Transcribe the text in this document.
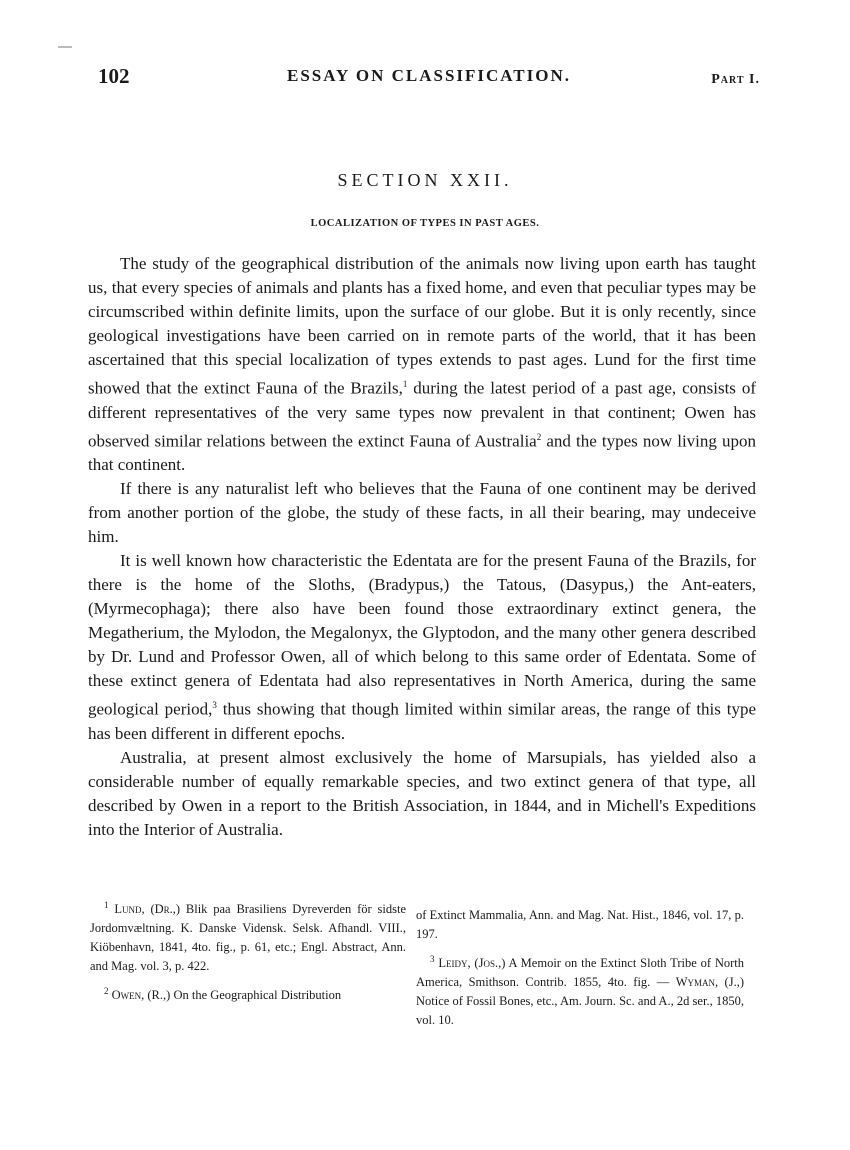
102	ESSAY ON CLASSIFICATION.	Part I.
SECTION XXII.
LOCALIZATION OF TYPES IN PAST AGES.

The study of the geographical distribution of the animals now living upon earth has taught us, that every species of animals and plants has a fixed home, and even that peculiar types may be circumscribed within definite limits, upon the surface of our globe. But it is only recently, since geological investigations have been carried on in remote parts of the world, that it has been ascertained that this special localization of types extends to past ages. Lund for the first time showed that the extinct Fauna of the Brazils,$^1$ during the latest period of a past age, consists of different representatives of the very same types now prevalent in that continent; Owen has observed similar relations between the extinct Fauna of Australia$^2$ and the types now living upon that continent.

If there is any naturalist left who believes that the Fauna of one continent may be derived from another portion of the globe, the study of these facts, in all their bearing, may undeceive him.

It is well known how characteristic the Edentata are for the present Fauna of the Brazils, for there is the home of the Sloths, (Bradypus,) the Tatous, (Dasypus,) the Ant-eaters, (Myrmecophaga); there also have been found those extraordinary extinct genera, the Megatherium, the Mylodon, the Megalonyx, the Glyptodon, and the many other genera described by Dr. Lund and Professor Owen, all of which belong to this same order of Edentata. Some of these extinct genera of Edentata had also representatives in North America, during the same geological period,$^3$ thus showing that though limited within similar areas, the range of this type has been different in different epochs.

Australia, at present almost exclusively the home of Marsupials, has yielded also a considerable number of equally remarkable species, and two extinct genera of that type, all described by Owen in a report to the British Association, in 1844, and in Michell's Expeditions into the Interior of Australia.

$^1$ Lund, (Dr.,) Blik paa Brasiliens Dyreverden för sidste Jordomvæltning. K. Danske Vidensk. Selsk. Afhandl. VIII., Kiöbenhavn, 1841, 4to. fig., p. 61, etc.; Engl. Abstract, Ann. and Mag. vol. 3, p. 422.

$^2$ Owen, (R.,) On the Geographical Distribution

of Extinct Mammalia, Ann. and Mag. Nat. Hist., 1846, vol. 17, p. 197.

$^3$ Leidy, (Jos.,) A Memoir on the Extinct Sloth Tribe of North America, Smithson. Contrib. 1855, 4to. fig. — Wyman, (J.,) Notice of Fossil Bones, etc., Am. Journ. Sc. and A., 2d ser., 1850, vol. 10.
